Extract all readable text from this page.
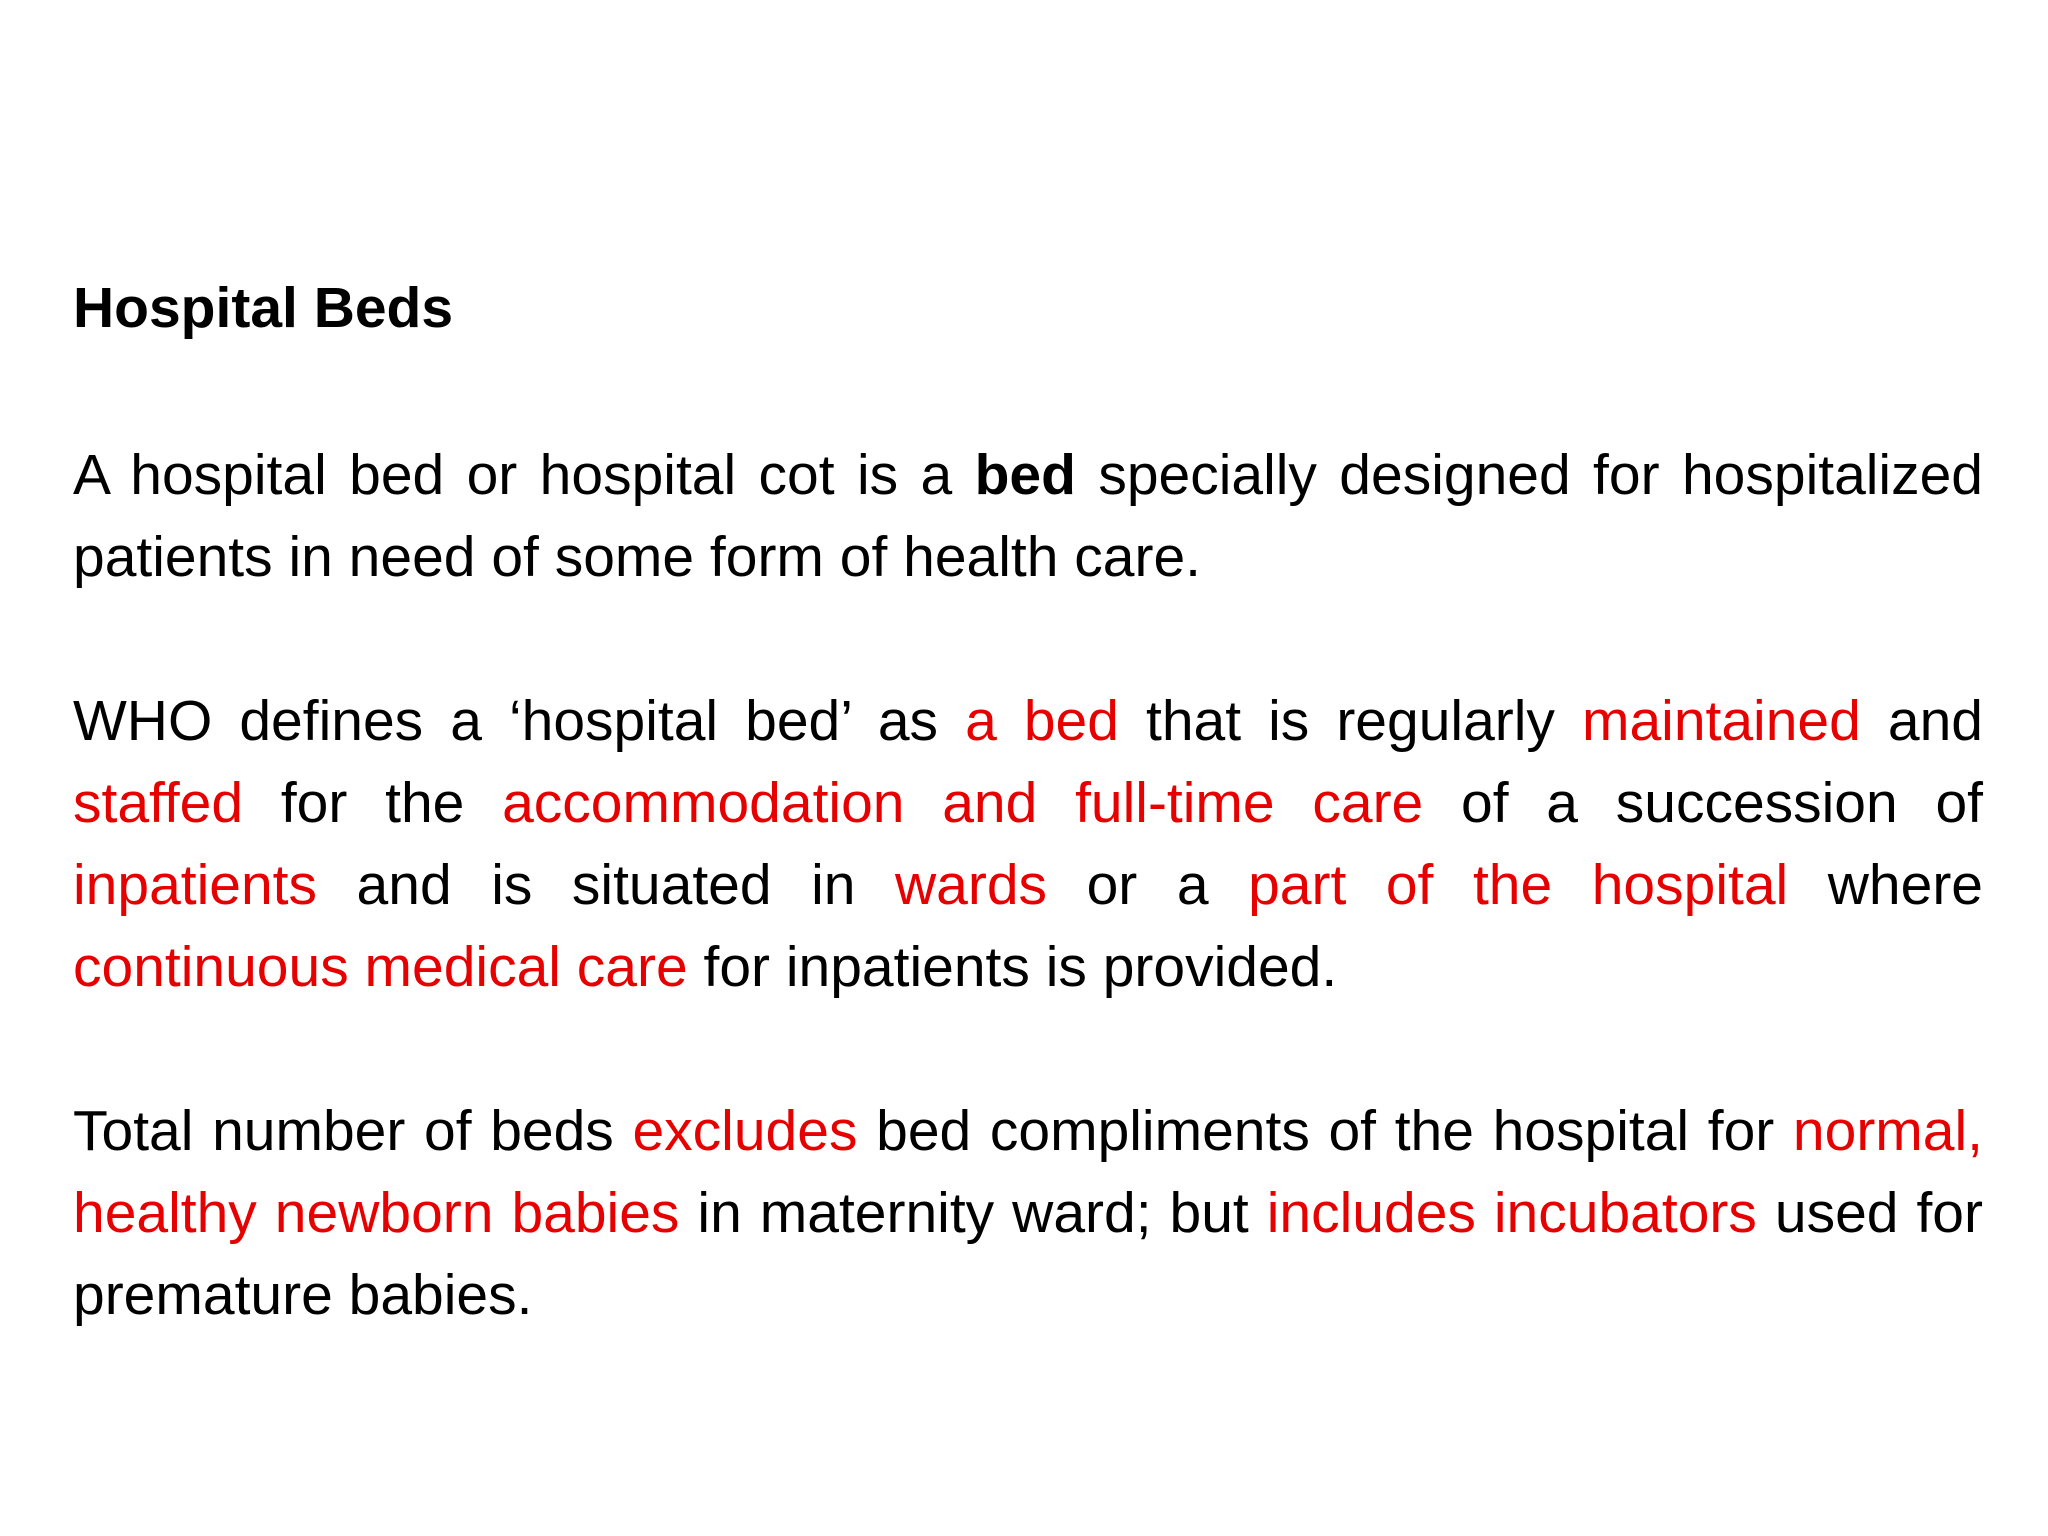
Hospital Beds
A hospital bed or hospital cot is a bed specially designed for hospitalized patients in need of some form of health care.
WHO defines a ‘hospital bed’ as a bed that is regularly maintained and staffed for the accommodation and full-time care of a succession of inpatients and is situated in wards or a part of the hospital where continuous medical care for inpatients is provided.
Total number of beds excludes bed compliments of the hospital for normal, healthy newborn babies in maternity ward; but includes incubators used for premature babies.
